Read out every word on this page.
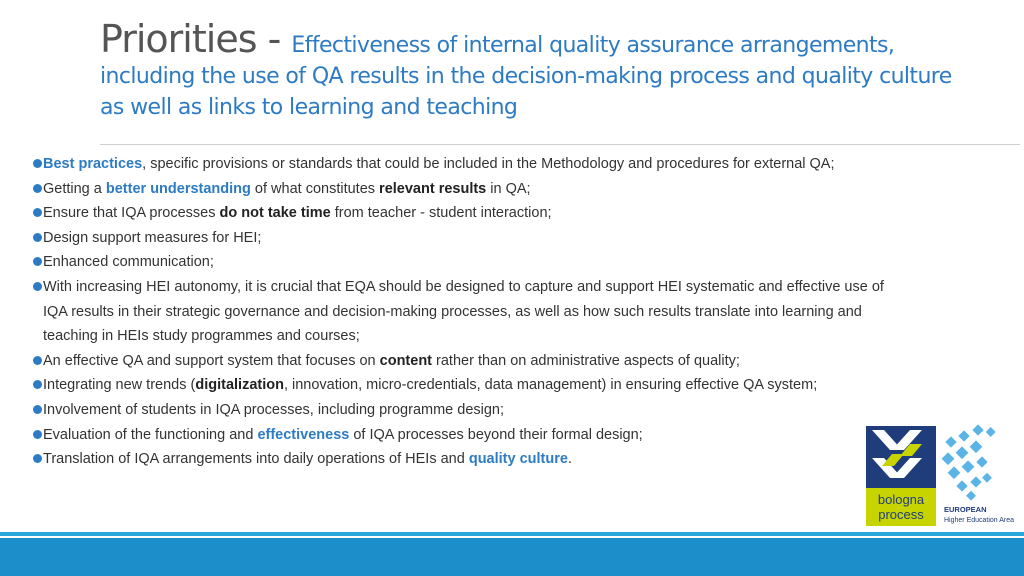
Priorities - Effectiveness of internal quality assurance arrangements, including the use of QA results in the decision-making process and quality culture as well as links to learning and teaching
Best practices, specific provisions or standards that could be included in the Methodology and procedures for external QA;
Getting a better understanding of what constitutes relevant results in QA;
Ensure that IQA processes do not take time from teacher - student interaction;
Design support measures for HEI;
Enhanced communication;
With increasing HEI autonomy, it is crucial that EQA should be designed to capture and support HEI systematic and effective use of
IQA results in their strategic governance and decision-making processes, as well as how such results translate into learning and
teaching in HEIs study programmes and courses;
An effective QA and support system that focuses on content rather than on administrative aspects of quality;
Integrating new trends (digitalization, innovation, micro-credentials, data management) in ensuring effective QA system;
Involvement of students in IQA processes, including programme design;
Evaluation of the functioning and effectiveness of IQA processes beyond their formal design;
Translation of IQA arrangements into daily operations of HEIs and quality culture.
bologna
process	EUROPEAN
Higher Education Area
